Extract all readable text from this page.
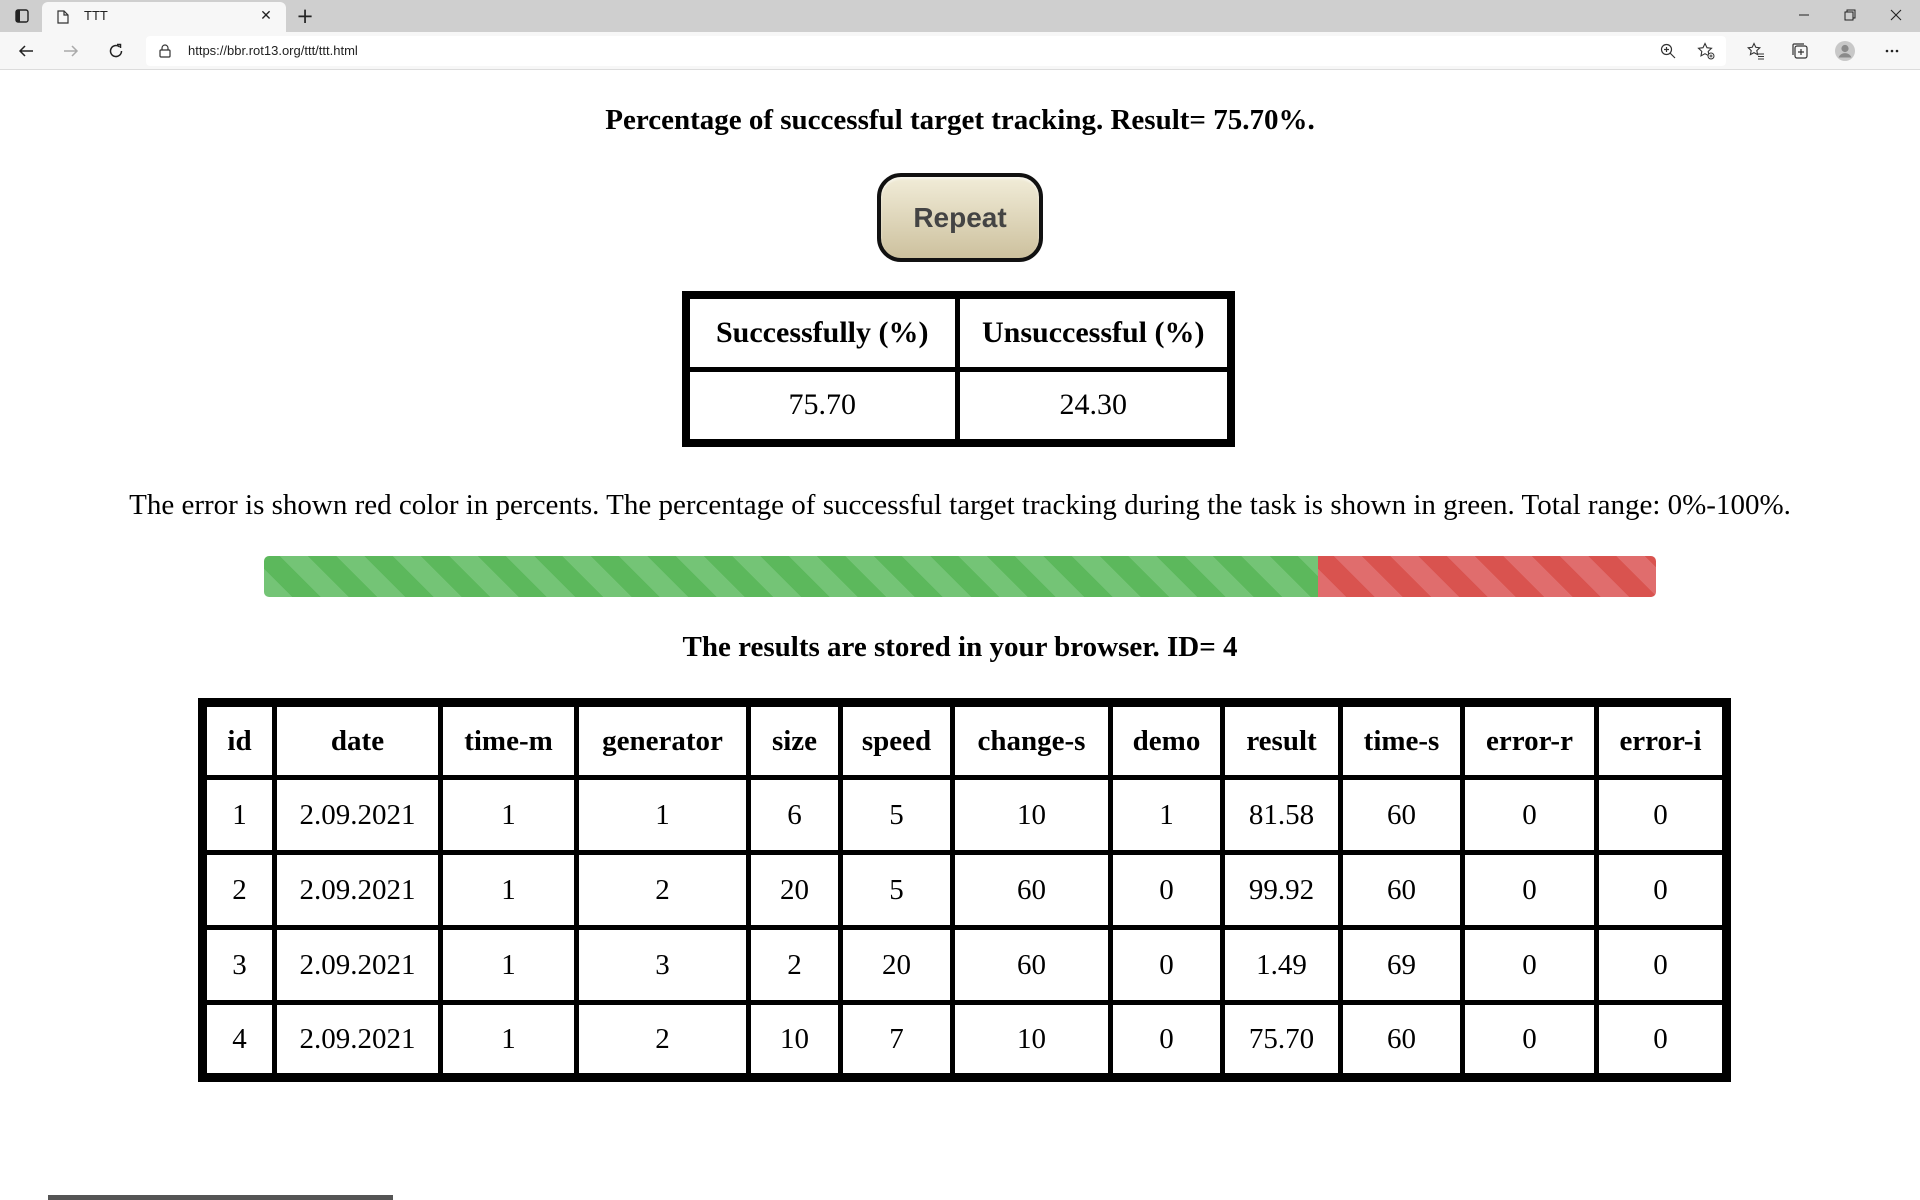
TTT	✕ +
https://bbr.rot13.org/ttt/ttt.html
Percentage of successful target tracking. Result= 75.70%.
Repeat
Successfully (%)	Unsuccessful (%)
75.70	24.30
The error is shown red color in percents. The percentage of successful target tracking during the task is shown in green. Total range: 0%-100%.
The results are stored in your browser. ID= 4
id	date	time-m	generator	size	speed	change-s	demo	result	time-s	error-r	error-i
1	2.09.2021	1	1	6	5	10	1	81.58	60	0	0
2	2.09.2021	1	2	20	5	60	0	99.92	60	0	0
3	2.09.2021	1	3	2	20	60	0	1.49	69	0	0
4	2.09.2021	1	2	10	7	10	0	75.70	60	0	0
